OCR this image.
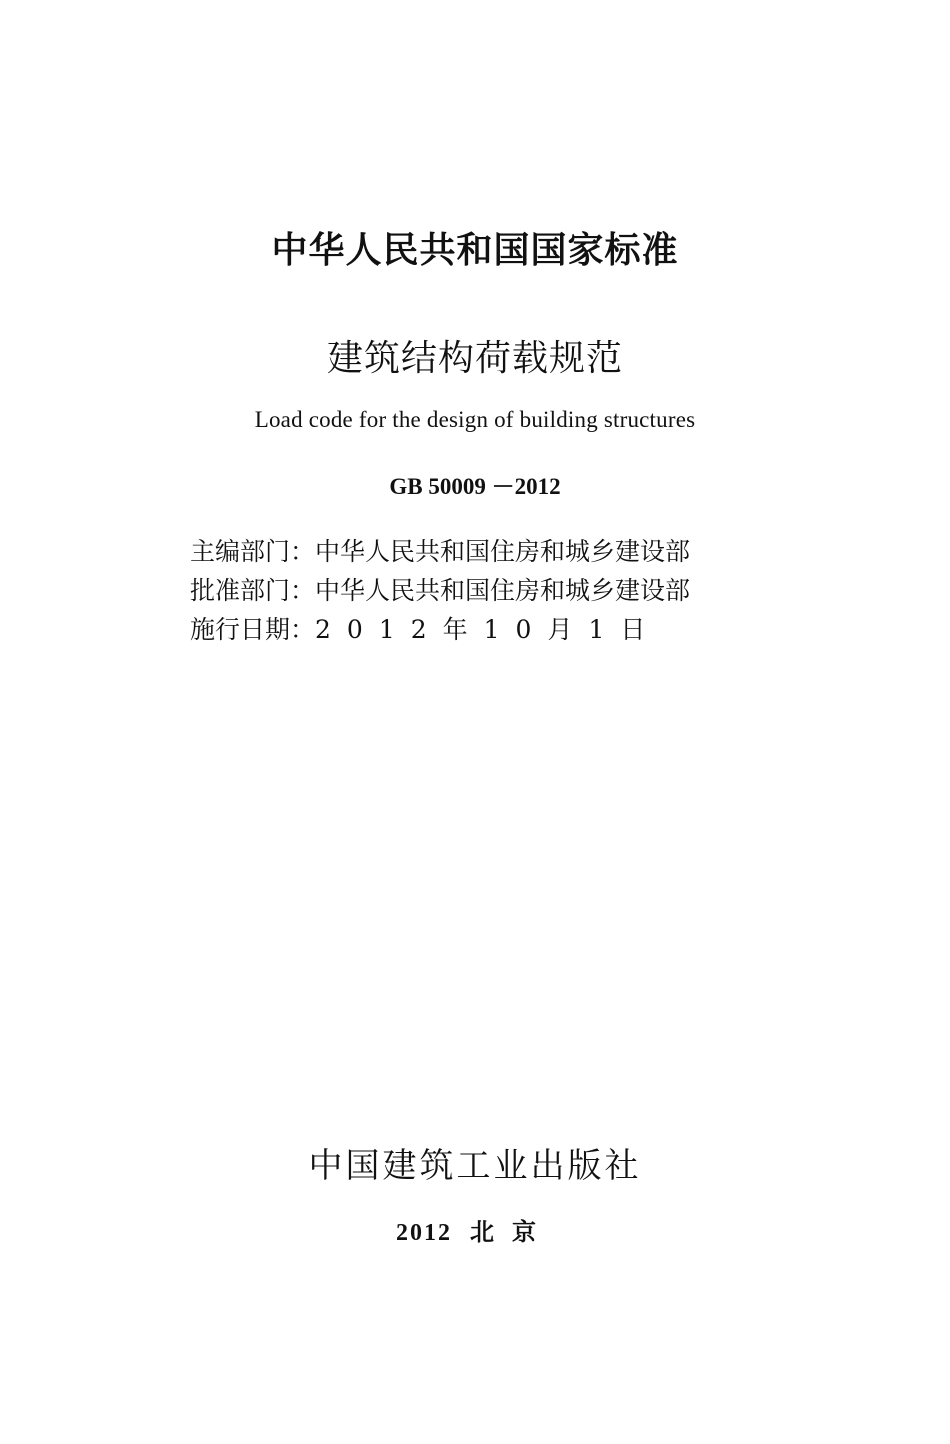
中华人民共和国国家标准
建筑结构荷载规范
Load code for the design of building structures
GB 50009 －2012
主编部门：中华人民共和国住房和城乡建设部
批准部门：中华人民共和国住房和城乡建设部
施行日期：2012年10月1日
中国建筑工业出版社
2012 北京
